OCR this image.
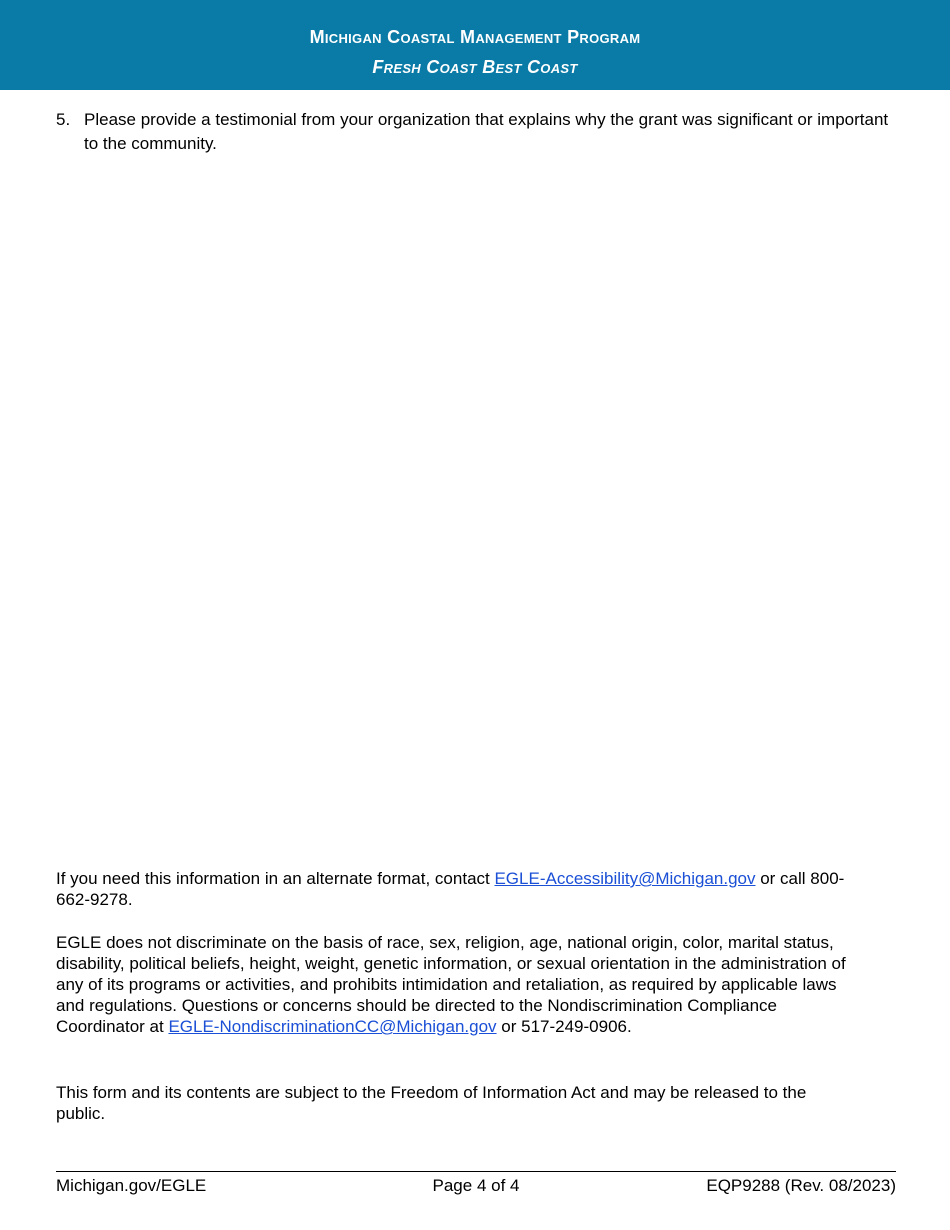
Michigan Coastal Management Program
Fresh Coast Best Coast
5. Please provide a testimonial from your organization that explains why the grant was significant or important to the community.
If you need this information in an alternate format, contact EGLE-Accessibility@Michigan.gov or call 800-662-9278.
EGLE does not discriminate on the basis of race, sex, religion, age, national origin, color, marital status, disability, political beliefs, height, weight, genetic information, or sexual orientation in the administration of any of its programs or activities, and prohibits intimidation and retaliation, as required by applicable laws and regulations. Questions or concerns should be directed to the Nondiscrimination Compliance Coordinator at EGLE-NondiscriminationCC@Michigan.gov or 517-249-0906.
This form and its contents are subject to the Freedom of Information Act and may be released to the public.
Michigan.gov/EGLE	Page 4 of 4	EQP9288 (Rev. 08/2023)
